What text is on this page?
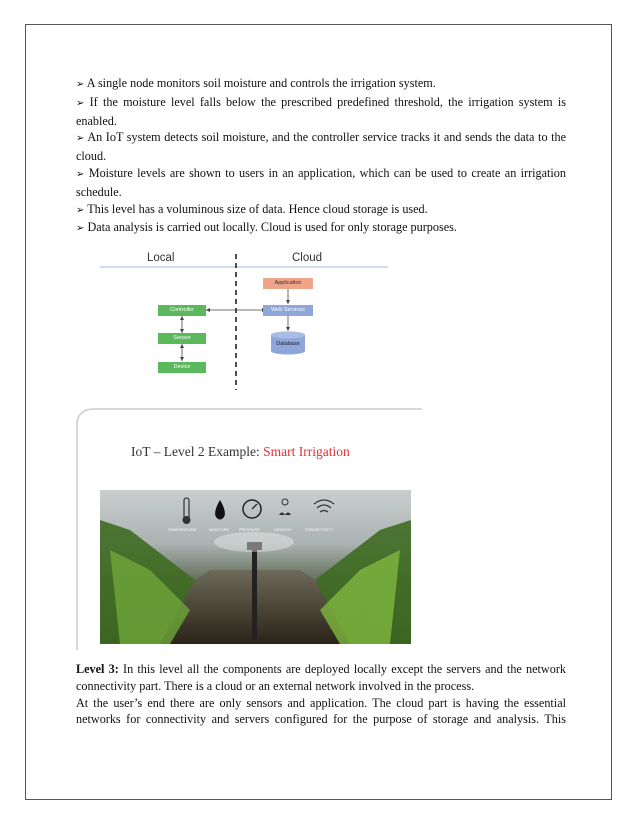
➢ A single node monitors soil moisture and controls the irrigation system.

➢ If the moisture level falls below the prescribed predefined threshold, the irrigation system is enabled.

➢ An IoT system detects soil moisture, and the controller service tracks it and sends the data to the cloud.

➢ Moisture levels are shown to users in an application, which can be used to create an irrigation schedule.

➢ This level has a voluminous size of data. Hence cloud storage is used.

➢ Data analysis is carried out locally. Cloud is used for only storage purposes.

Local	Cloud
Controller
Sensor
Device
Application
Web Services
Database
IoT – Level 2 Example: Smart Irrigation
TEMPERATURE	MOISTURE	PRESSURE	GROWTH	CONNECTIVITY

Level 3: In this level all the components are deployed locally except the servers and the network connectivity part. There is a cloud or an external network involved in the process.

At the user’s end there are only sensors and application. The cloud part is having the essential networks for connectivity and servers configured for the purpose of storage and analysis. This
